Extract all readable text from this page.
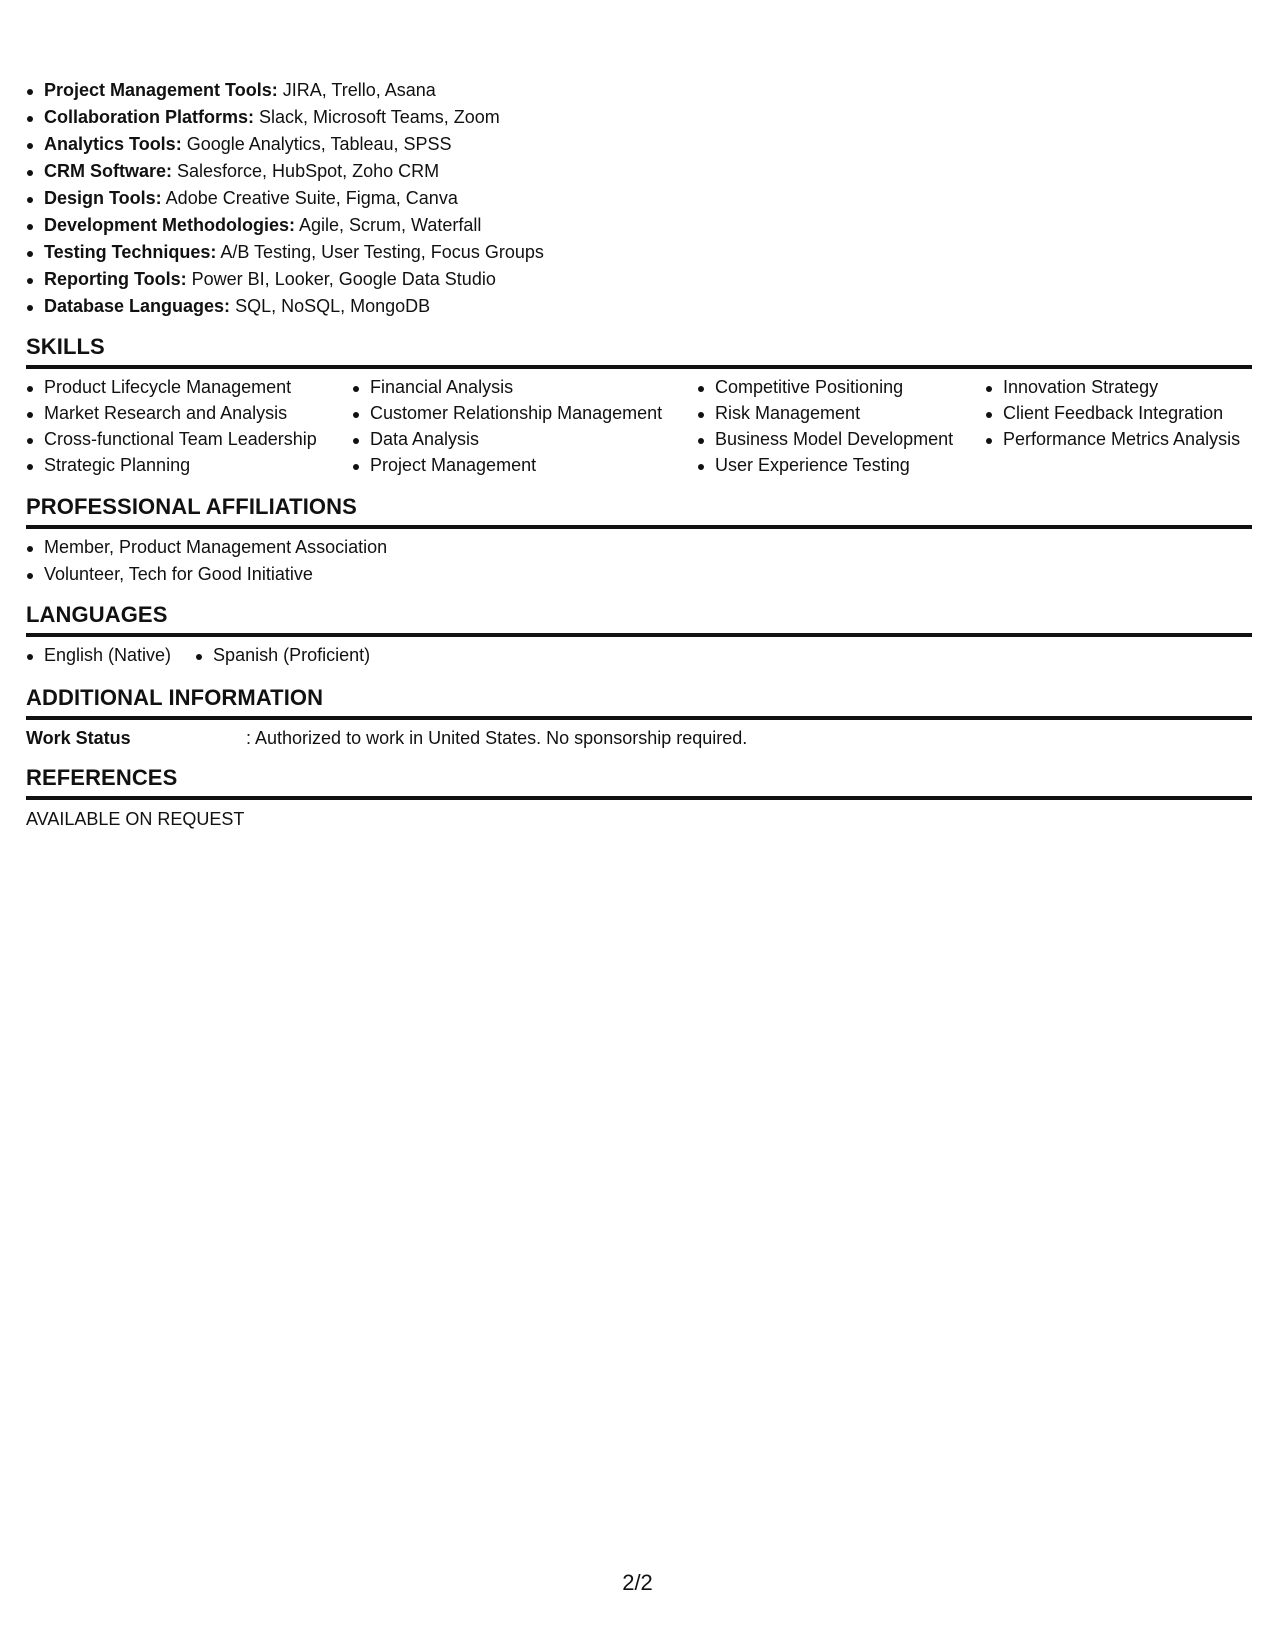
Project Management Tools: JIRA, Trello, Asana
Collaboration Platforms: Slack, Microsoft Teams, Zoom
Analytics Tools: Google Analytics, Tableau, SPSS
CRM Software: Salesforce, HubSpot, Zoho CRM
Design Tools: Adobe Creative Suite, Figma, Canva
Development Methodologies: Agile, Scrum, Waterfall
Testing Techniques: A/B Testing, User Testing, Focus Groups
Reporting Tools: Power BI, Looker, Google Data Studio
Database Languages: SQL, NoSQL, MongoDB
SKILLS
Product Lifecycle Management
Market Research and Analysis
Cross-functional Team Leadership
Strategic Planning
Financial Analysis
Customer Relationship Management
Data Analysis
Project Management
Competitive Positioning
Risk Management
Business Model Development
User Experience Testing
Innovation Strategy
Client Feedback Integration
Performance Metrics Analysis
PROFESSIONAL AFFILIATIONS
Member, Product Management Association
Volunteer, Tech for Good Initiative
LANGUAGES
English (Native)	Spanish (Proficient)
ADDITIONAL INFORMATION
Work Status	: Authorized to work in United States. No sponsorship required.
REFERENCES
AVAILABLE ON REQUEST
2/2
